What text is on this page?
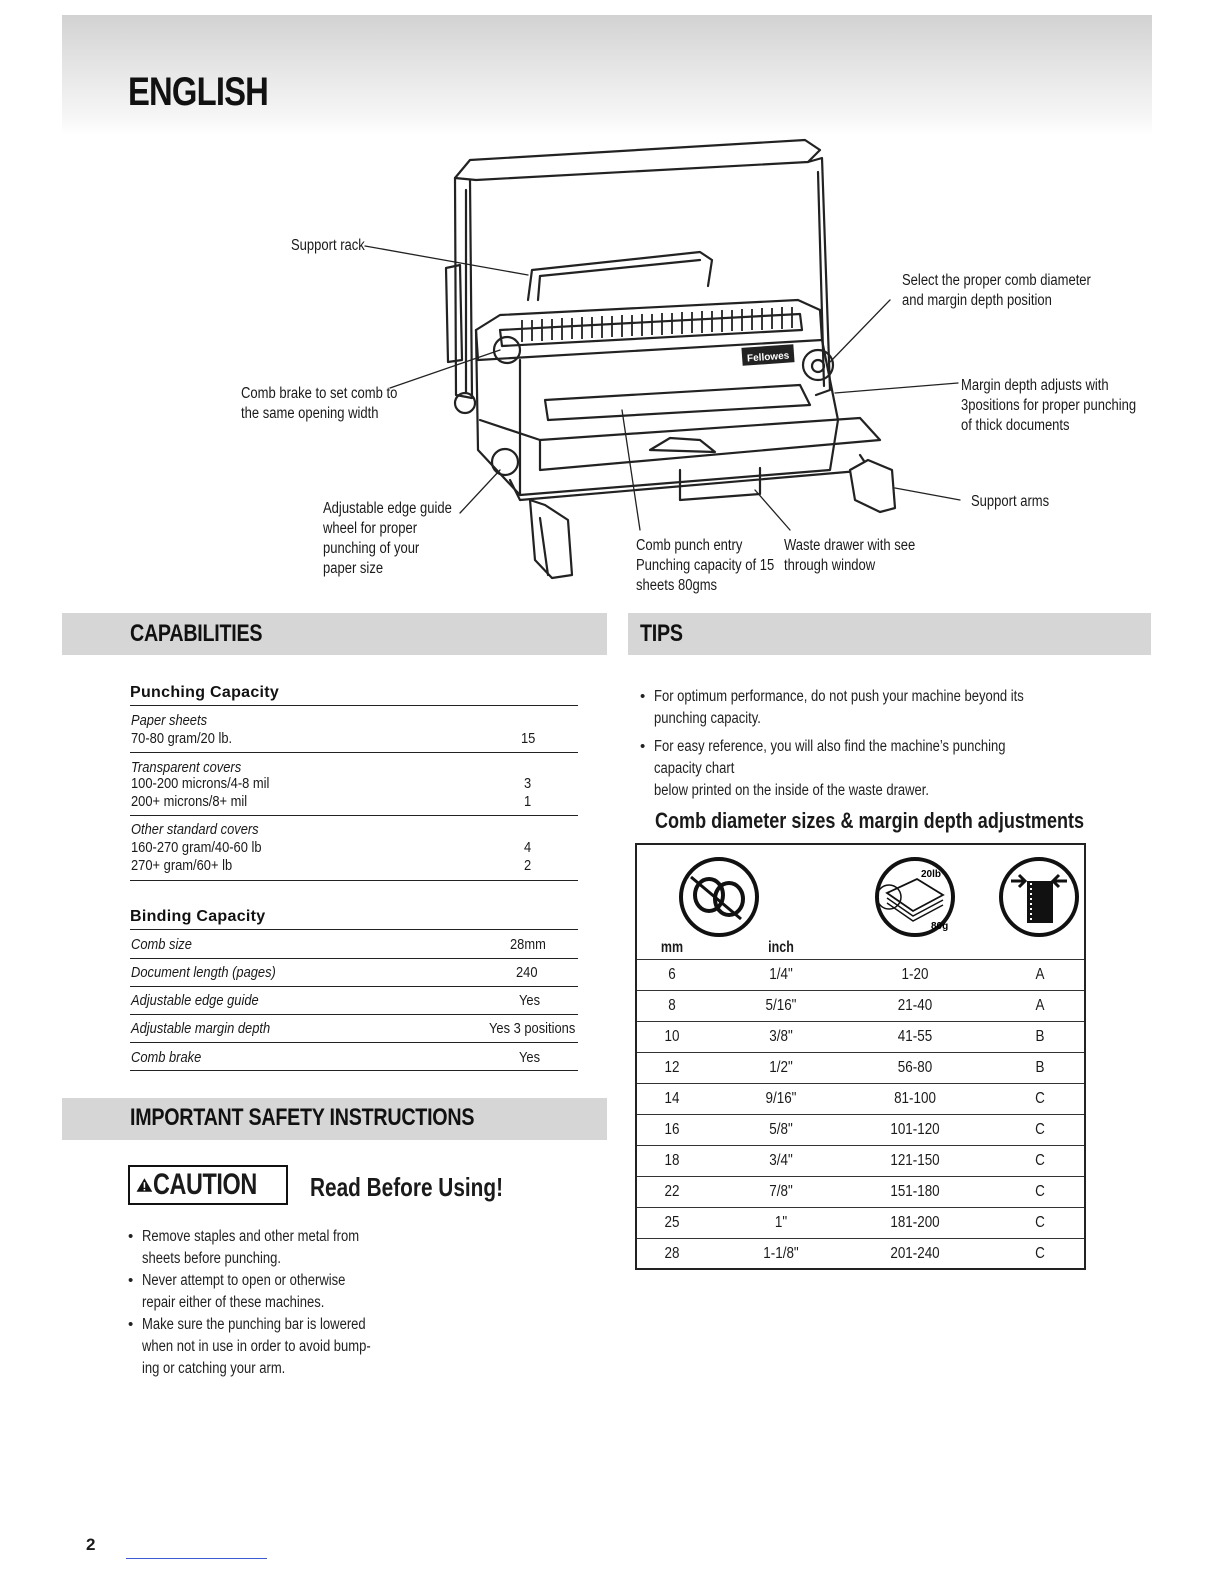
ENGLISH
Fellowes
Support rack
Comb brake to set comb to
the same opening width
Adjustable edge guide
wheel for proper
punching of your
paper size
Comb punch entry
Punching capacity of 15
sheets 80gms
Waste drawer with see
through window
Select the proper comb diameter
and margin depth position
Margin depth adjusts with
3positions for proper punching
of thick documents
Support arms
CAPABILITIES
Punching Capacity
Paper sheets
70-80 gram/20 lb.	15
Transparent covers
100-200 microns/4-8 mil	3
200+ microns/8+ mil	1
Other standard covers
160-270 gram/40-60 lb	4
270+ gram/60+ lb	2
Binding Capacity
Comb size	28mm
Document length (pages)	240
Adjustable edge guide	Yes
Adjustable margin depth	Yes 3 positions
Comb brake	Yes
IMPORTANT SAFETY INSTRUCTIONS
CAUTION Read Before Using!
• Remove staples and other metal from
sheets before punching.
• Never attempt to open or otherwise
repair either of these machines.
• Make sure the punching bar is lowered
when not in use in order to avoid bump-
ing or catching your arm.
TIPS
• For optimum performance, do not push your machine beyond its
punching capacity.
• For easy reference, you will also find the machine’s punching capacity chart
below printed on the inside of the waste drawer.
Comb diameter sizes & margin depth adjustments
20lb
80g
mm	inch
6	1/4"	1-20	A
8	5/16"	21-40	A
10	3/8"	41-55	B
12	1/2"	56-80	B
14	9/16"	81-100	C
16	5/8"	101-120	C
18	3/4"	121-150	C
22	7/8"	151-180	C
25	1"	181-200	C
28	1-1/8"	201-240	C
2
